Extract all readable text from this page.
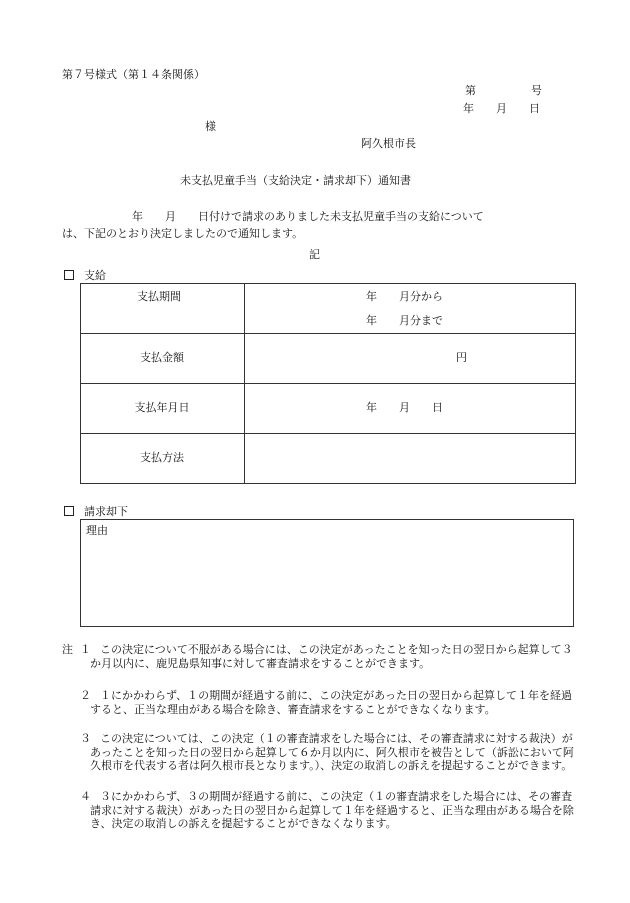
第７号様式（第１４条関係）
第　　　　　号
年　　月　　日
様
阿久根市長
未支払児童手当（支給決定・請求却下）通知書
年　　月　　日付けで請求のありました未支払児童手当の支給について
は、下記のとおり決定しましたので通知します。
記
支給
支払期間	年　　月分から
年　　月分まで
支払金額	円
支払年月日	年　　月　　日
支払方法
請求却下
理由
注 １ この決定について不服がある場合には、この決定があったことを知った日の翌日から起算して３か月以内に、鹿児島県知事に対して審査請求をすることができます。
２ １にかかわらず、１の期間が経過する前に、この決定があった日の翌日から起算して１年を経過すると、正当な理由がある場合を除き、審査請求をすることができなくなります。
３ この決定については、この決定（１の審査請求をした場合には、その審査請求に対する裁決）があったことを知った日の翌日から起算して６か月以内に、阿久根市を被告として（訴訟において阿久根市を代表する者は阿久根市長となります。）、決定の取消しの訴えを提起することができます。
４ ３にかかわらず、３の期間が経過する前に、この決定（１の審査請求をした場合には、その審査請求に対する裁決）があった日の翌日から起算して１年を経過すると、正当な理由がある場合を除き、決定の取消しの訴えを提起することができなくなります。
